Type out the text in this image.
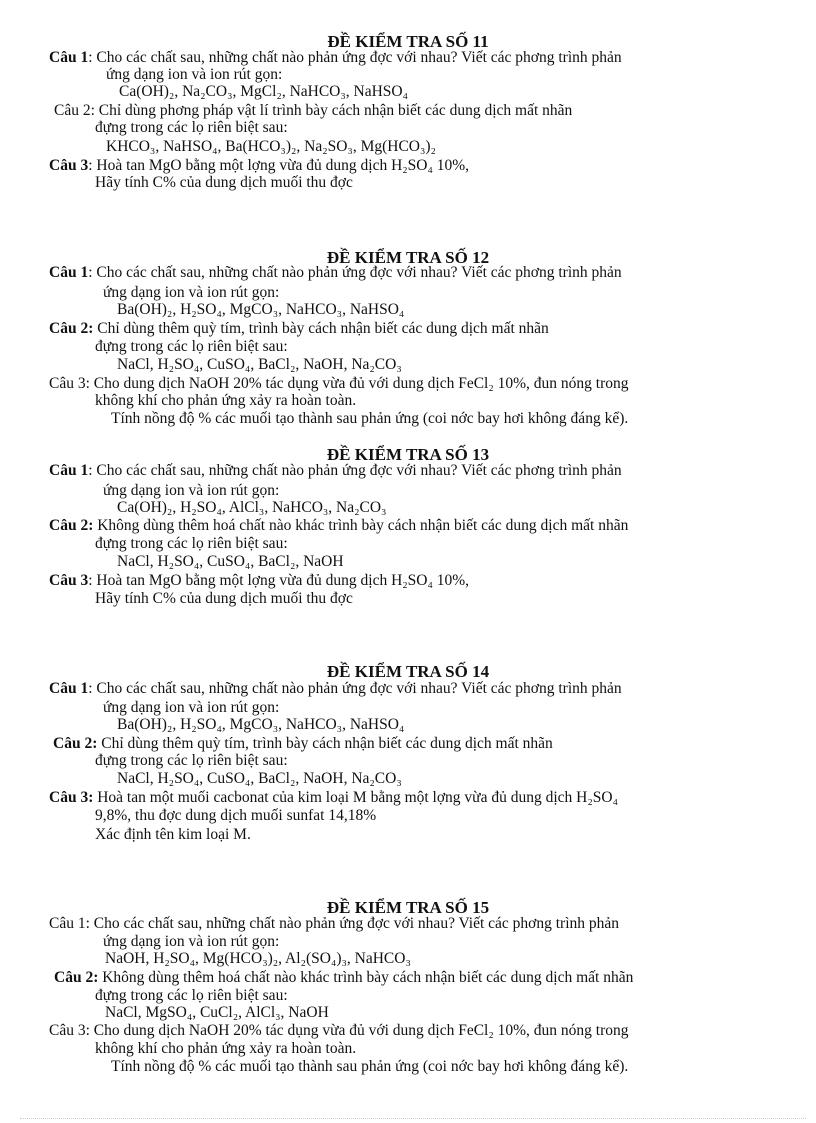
ĐỀ KIỂM TRA SỐ 11
Câu 1: Cho các chất sau, những chất nào phản ứng đợc với nhau? Viết các phơng trình phản
ứng dạng ion và ion rút gọn:
Ca(OH)₂, Na₂CO₃, MgCl₂, NaHCO₃, NaHSO₄
Câu 2: Chỉ dùng phơng pháp vật lí trình bày cách nhận biết các dung dịch mất nhãn
đựng trong các lọ riên biệt sau:
KHCO₃, NaHSO₄, Ba(HCO₃)₂, Na₂SO₃, Mg(HCO₃)₂
Câu 3: Hoà tan MgO bằng một lợng vừa đủ dung dịch H₂SO₄ 10%,
Hãy tính C% của dung dịch muối thu đợc
ĐỀ KIỂM TRA SỐ 12
Câu 1: Cho các chất sau, những chất nào phản ứng đợc với nhau? Viết các phơng trình phản
ứng dạng ion và ion rút gọn:
Ba(OH)₂, H₂SO₄, MgCO₃, NaHCO₃, NaHSO₄
Câu 2: Chỉ dùng thêm quỳ tím, trình bày cách nhận biết các dung dịch mất nhãn
đựng trong các lọ riên biệt sau:
NaCl, H₂SO₄, CuSO₄, BaCl₂, NaOH, Na₂CO₃
Câu 3: Cho dung dịch NaOH 20% tác dụng vừa đủ với dung dịch FeCl₂ 10%, đun nóng trong
không khí cho phản ứng xảy ra hoàn toàn.
Tính nồng độ % các muối tạo thành sau phản ứng (coi nớc bay hơi không đáng kể).
ĐỀ KIỂM TRA SỐ 13
Câu 1: Cho các chất sau, những chất nào phản ứng đợc với nhau? Viết các phơng trình phản
ứng dạng ion và ion rút gọn:
Ca(OH)₂, H₂SO₄, AlCl₃, NaHCO₃, Na₂CO₃
Câu 2: Không dùng thêm hoá chất nào khác trình bày cách nhận biết các dung dịch mất nhãn
đựng trong các lọ riên biệt sau:
NaCl, H₂SO₄, CuSO₄, BaCl₂, NaOH
Câu 3: Hoà tan MgO bằng một lợng vừa đủ dung dịch H₂SO₄ 10%,
Hãy tính C% của dung dịch muối thu đợc
ĐỀ KIỂM TRA SỐ 14
Câu 1: Cho các chất sau, những chất nào phản ứng đợc với nhau? Viết các phơng trình phản
ứng dạng ion và ion rút gọn:
Ba(OH)₂, H₂SO₄, MgCO₃, NaHCO₃, NaHSO₄
Câu 2: Chỉ dùng thêm quỳ tím, trình bày cách nhận biết các dung dịch mất nhãn
đựng trong các lọ riên biệt sau:
NaCl, H₂SO₄, CuSO₄, BaCl₂, NaOH, Na₂CO₃
Câu 3: Hoà tan một muối cacbonat của kim loại M bằng một lợng vừa đủ dung dịch H₂SO₄
9,8%, thu đợc dung dịch muối sunfat 14,18%
Xác định tên kim loại M.
ĐỀ KIỂM TRA SỐ 15
Câu 1: Cho các chất sau, những chất nào phản ứng đợc với nhau? Viết các phơng trình phản
ứng dạng ion và ion rút gọn:
NaOH, H₂SO₄, Mg(HCO₃)₂, Al₂(SO₄)₃, NaHCO₃
Câu 2: Không dùng thêm hoá chất nào khác trình bày cách nhận biết các dung dịch mất nhãn
đựng trong các lọ riên biệt sau:
NaCl, MgSO₄, CuCl₂, AlCl₃, NaOH
Câu 3: Cho dung dịch NaOH 20% tác dụng vừa đủ với dung dịch FeCl₂ 10%, đun nóng trong
không khí cho phản ứng xảy ra hoàn toàn.
Tính nồng độ % các muối tạo thành sau phản ứng (coi nớc bay hơi không đáng kể).
